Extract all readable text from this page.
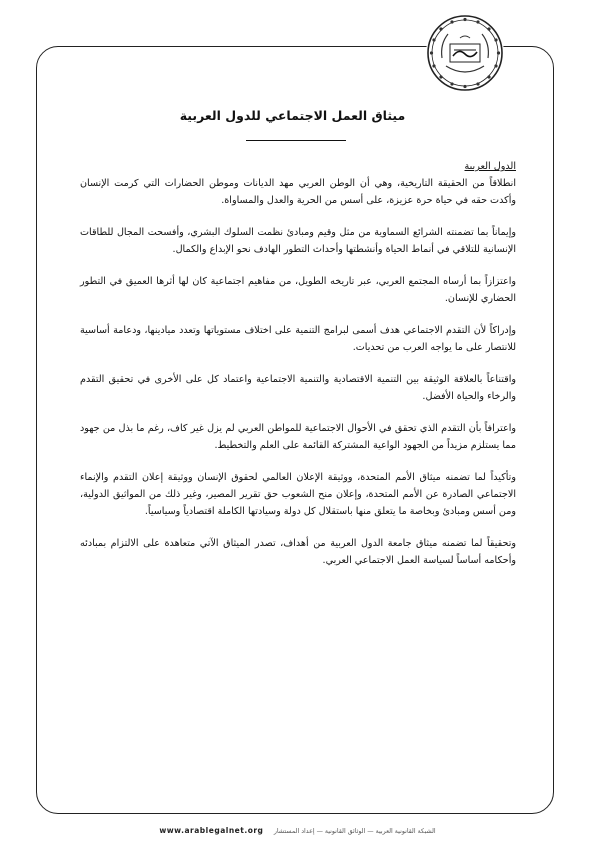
ميثاق العمل الاجتماعي للدول العربية
الدول العربية

انطلاقاً من الحقيقة التاريخية، وهي أن الوطن العربي مهد الديانات وموطن الحضارات التي كرمت الإنسان وأكدت حقه في حياة حرة عزيزة، على أسس من الحرية والعدل والمساواة.

وإيماناً بما تضمنته الشرائع السماوية من مثل وقيم ومبادئ نظمت السلوك البشري، وأفسحت المجال للطاقات الإنسانية للتلاقي في أنماط الحياة وأنشطتها وأحداث التطور الهادف نحو الإبداع والكمال.

واعتزازاً بما أرساه المجتمع العربي، عبر تاريخه الطويل، من مفاهيم اجتماعية كان لها أثرها العميق في التطور الحضاري للإنسان.

وإدراكاً لأن التقدم الاجتماعي هدف أسمى لبرامج التنمية على اختلاف مستوياتها وتعدد ميادينها، ودعامة أساسية للانتصار على ما يواجه العرب من تحديات.

واقتناعاً بالعلاقة الوثيقة بين التنمية الاقتصادية والتنمية الاجتماعية واعتماد كل على الأخرى في تحقيق التقدم والرخاء والحياة الأفضل.

واعترافاً بأن التقدم الذي تحقق في الأحوال الاجتماعية للمواطن العربي لم يزل غير كاف، رغم ما بذل من جهود مما يستلزم مزيداً من الجهود الواعية المشتركة القائمة على العلم والتخطيط.

وتأكيداً لما تضمنه ميثاق الأمم المتحدة، ووثيقة الإعلان العالمي لحقوق الإنسان ووثيقة إعلان التقدم والإنماء الاجتماعي الصادرة عن الأمم المتحدة، وإعلان منح الشعوب حق تقرير المصير، وغير ذلك من المواثيق الدولية، ومن أسس ومبادئ وبخاصة ما يتعلق منها باستقلال كل دولة وسيادتها الكاملة اقتصادياً وسياسياً.

وتحقيقاً لما تضمنه ميثاق جامعة الدول العربية من أهداف، تصدر الميثاق الآتي متعاهدة على الالتزام بمبادئه وأحكامه أساساً لسياسة العمل الاجتماعي العربي.

www.arablegalnet.org الشبكة القانونية العربية — الوثائق القانونية — إعداد المستشار
